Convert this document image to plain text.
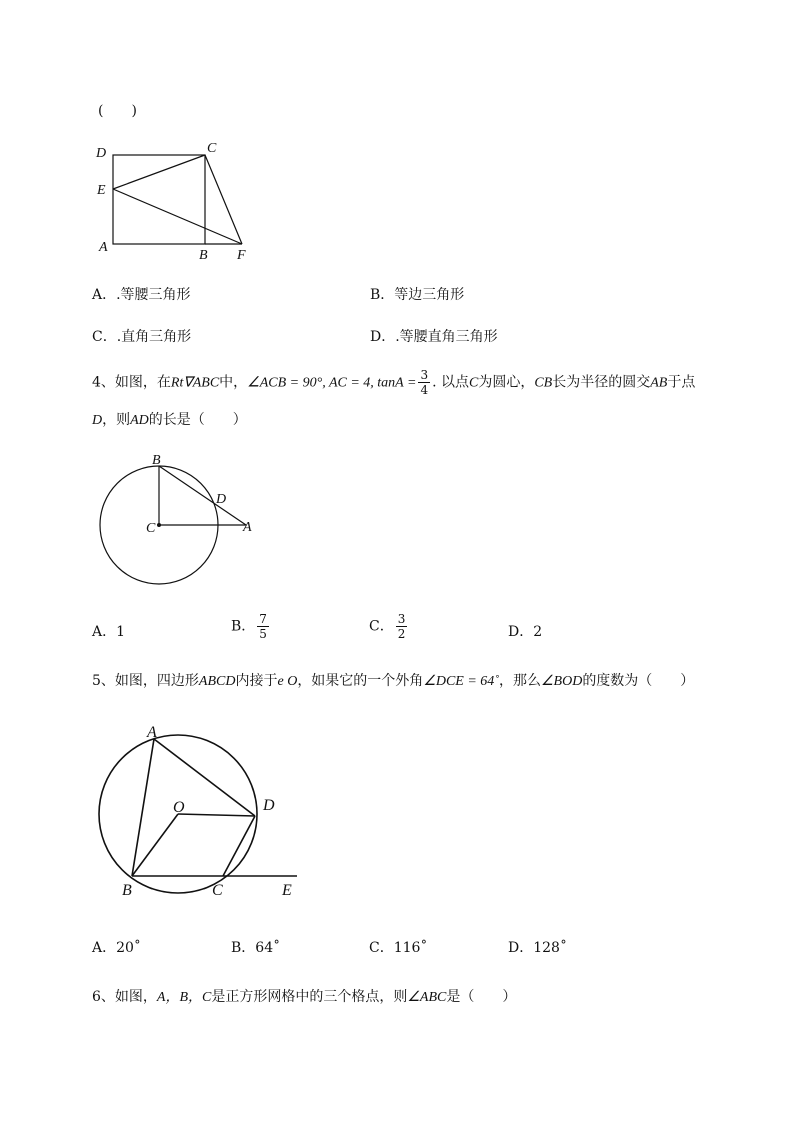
(　　)
D	C
E
A
B F
A．.等腰三角形	B．等边三角形
C．.直角三角形	D．.等腰直角三角形
4、如图，在Rt∇ABC中，∠ACB = 90°, AC = 4, $\tan A = \frac{3}{4}$ . 以点C为圆心，CB长为半径的圆交AB于点
D，则AD的长是（　　）
B
D
C	A
A．1	B． $\frac{7}{5}$	C． $\frac{3}{2}$	D．2
5、如图，四边形ABCD内接于e O，如果它的一个外角∠DCE = 64˚，那么∠BOD的度数为（　　）
A
O	D
B	C	E
A．20˚	B．64˚	C．116˚	D．128˚
6、如图，A，B，C是正方形网格中的三个格点，则∠ABC是（　　）
